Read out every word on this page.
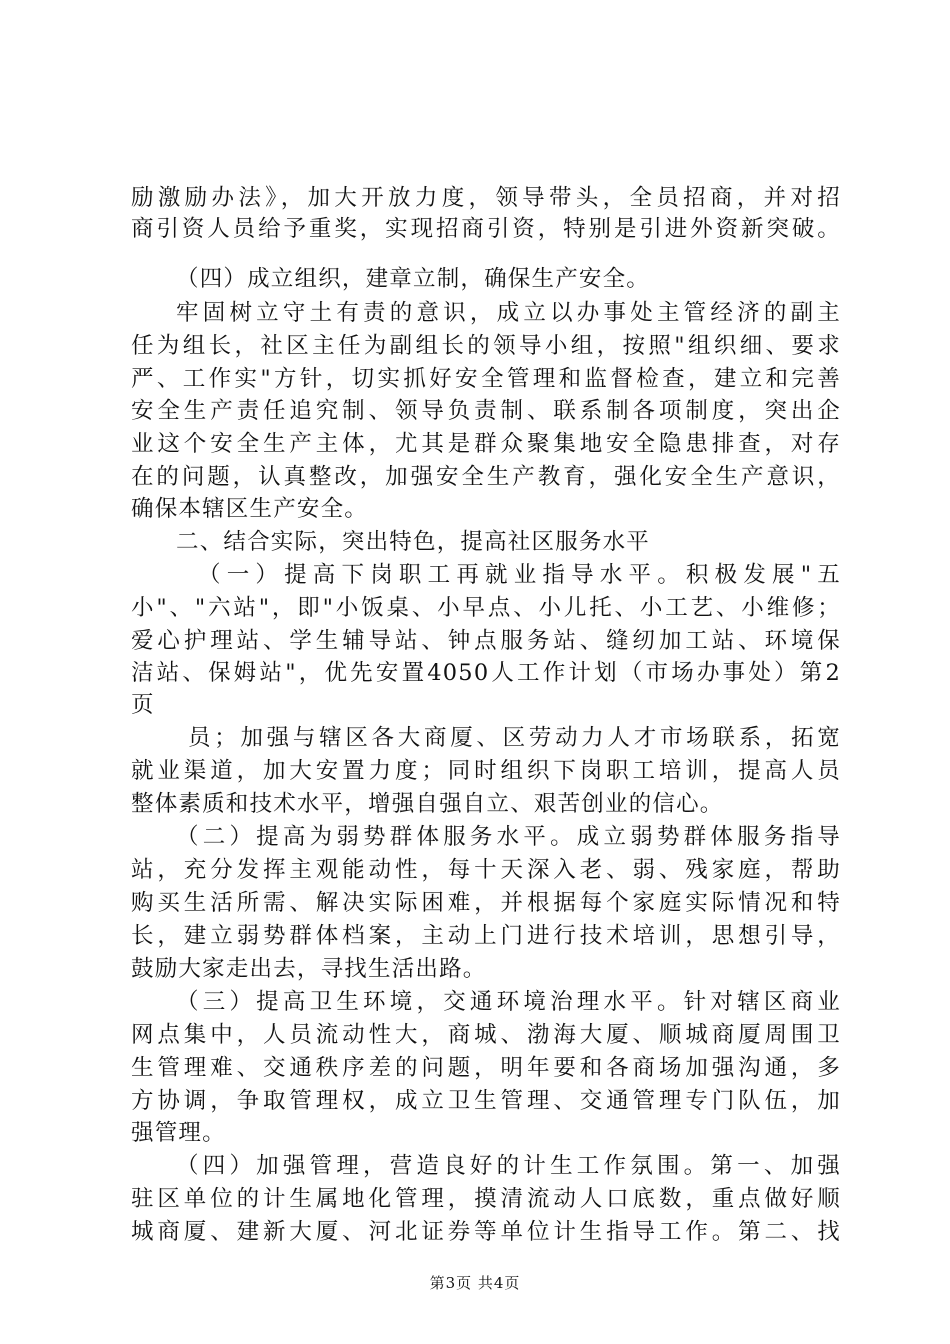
励激励办法》，加大开放力度，领导带头，全员招商，并对招
商引资人员给予重奖，实现招商引资，特别是引进外资新突破。
（四）成立组织，建章立制，确保生产安全。
牢固树立守土有责的意识，成立以办事处主管经济的副主
任为组长，社区主任为副组长的领导小组，按照"组织细、要求
严、工作实"方针，切实抓好安全管理和监督检查，建立和完善
安全生产责任追究制、领导负责制、联系制各项制度，突出企
业这个安全生产主体，尤其是群众聚集地安全隐患排查，对存
在的问题，认真整改，加强安全生产教育，强化安全生产意识，
确保本辖区生产安全。
二、结合实际，突出特色，提高社区服务水平
（一）提高下岗职工再就业指导水平。积极发展"五
小"、"六站"，即"小饭桌、小早点、小儿托、小工艺、小维修；
爱心护理站、学生辅导站、钟点服务站、缝纫加工站、环境保
洁站、保姆站"，优先安置4050人工作计划（市场办事处）第2
页
员；加强与辖区各大商厦、区劳动力人才市场联系，拓宽
就业渠道，加大安置力度；同时组织下岗职工培训，提高人员
整体素质和技术水平，增强自强自立、艰苦创业的信心。
（二）提高为弱势群体服务水平。成立弱势群体服务指导
站，充分发挥主观能动性，每十天深入老、弱、残家庭，帮助
购买生活所需、解决实际困难，并根据每个家庭实际情况和特
长，建立弱势群体档案，主动上门进行技术培训，思想引导，
鼓励大家走出去，寻找生活出路。
（三）提高卫生环境，交通环境治理水平。针对辖区商业
网点集中，人员流动性大，商城、渤海大厦、顺城商厦周围卫
生管理难、交通秩序差的问题，明年要和各商场加强沟通，多
方协调，争取管理权，成立卫生管理、交通管理专门队伍，加
强管理。
（四）加强管理，营造良好的计生工作氛围。第一、加强
驻区单位的计生属地化管理，摸清流动人口底数，重点做好顺
城商厦、建新大厦、河北证券等单位计生指导工作。第二、找
第3页 共4页
